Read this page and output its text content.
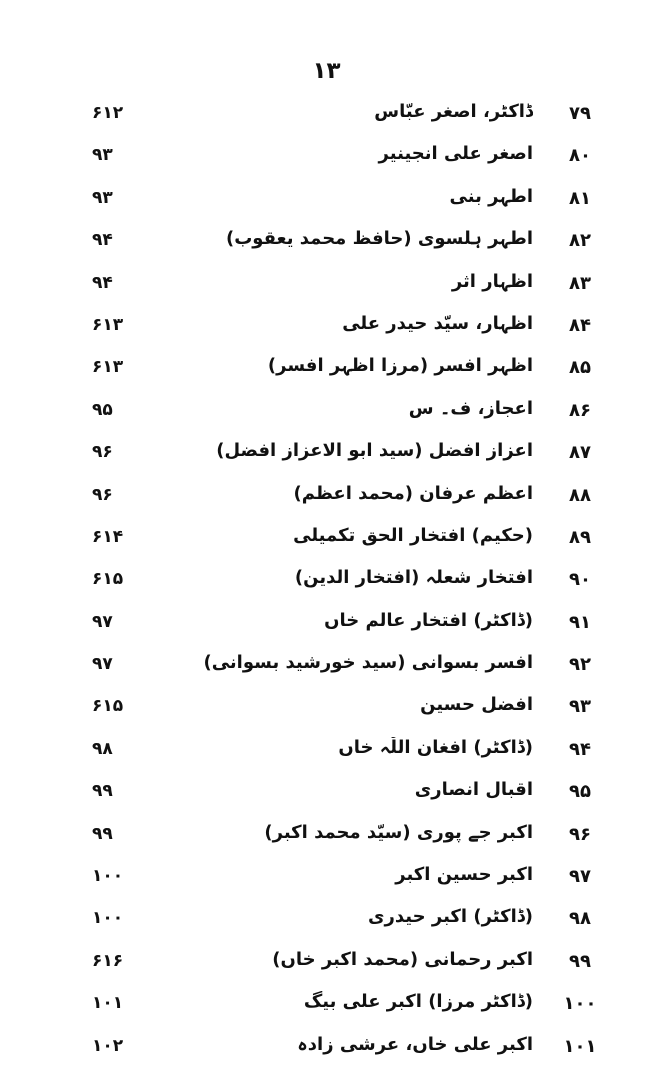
۱۳
۷۹
ڈاکٹر، اصغر عبّاس
۶۱۲
۸۰
اصغر علی انجینیر
۹۳
۸۱
اطہر بنی
۹۳
۸۲
اطہر ہلسوی (حافظ محمد یعقوب)
۹۴
۸۳
اظہار اثر
۹۴
۸۴
اظہار، سیّد حیدر علی
۶۱۳
۸۵
اظہر افسر (مرزا اظہر افسر)
۶۱۳
۸۶
اعجاز، ف۔ س
۹۵
۸۷
اعزاز افضل (سید ابو الاعزاز افضل)
۹۶
۸۸
اعظم عرفان (محمد اعظم)
۹۶
۸۹
(حکیم) افتخار الحق تکمیلی
۶۱۴
۹۰
افتخار شعلہ (افتخار الدین)
۶۱۵
۹۱
(ڈاکٹر) افتخار عالم خاں
۹۷
۹۲
افسر بسوانی (سید خورشید بسوانی)
۹۷
۹۳
افضل حسین
۶۱۵
۹۴
(ڈاکٹر) افغان اللّٰہ خاں
۹۸
۹۵
اقبال انصاری
۹۹
۹۶
اکبر جے پوری (سیّد محمد اکبر)
۹۹
۹۷
اکبر حسین اکبر
۱۰۰
۹۸
(ڈاکٹر) اکبر حیدری
۱۰۰
۹۹
اکبر رحمانی (محمد اکبر خاں)
۶۱۶
۱۰۰
(ڈاکٹر مرزا) اکبر علی بیگ
۱۰۱
۱۰۱
اکبر علی خاں، عرشی زادہ
۱۰۲
